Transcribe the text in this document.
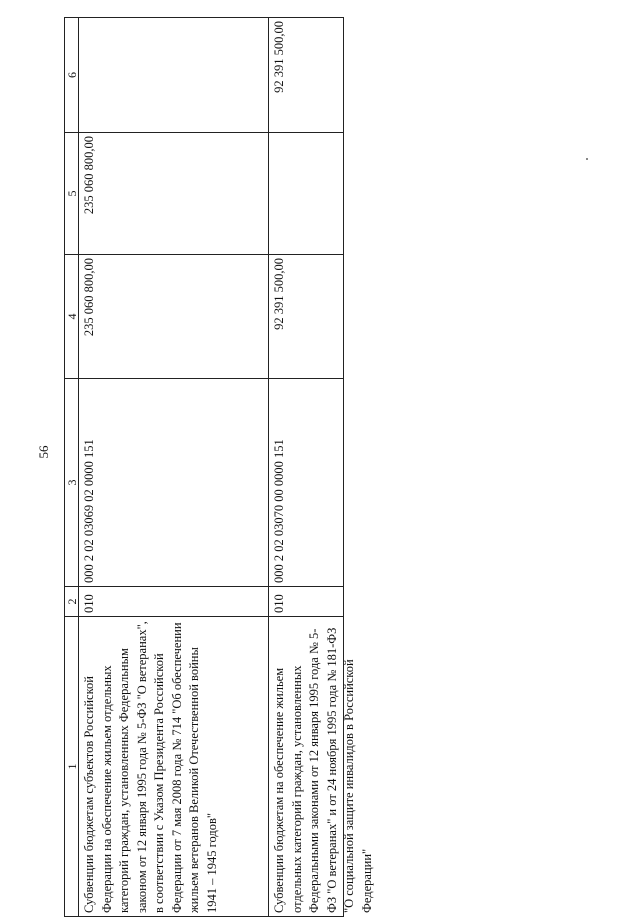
56
1
2
3
4
5
6
Субвенции бюджетам субъектов Российской Федерации на обеспечение жильем отдельных категорий граждан, установленных Федеральным законом от 12 января 1995 года № 5-ФЗ "О ветеранах", в соответствии с Указом Президента Российской Федерации от 7 мая 2008 года № 714 "Об обеспечении жильем ветеранов Великой Отечественной войны 1941 – 1945 годов"
010
000 2 02 03069 02 0000 151
235 060 800,00
235 060 800,00
Субвенции бюджетам на обеспечение жильем отдельных категорий граждан, установленных Федеральными законами от 12 января 1995 года № 5-ФЗ "О ветеранах" и от 24 ноября 1995 года № 181-ФЗ "О социальной защите инвалидов в Российской Федерации"
010
000 2 02 03070 00 0000 151
92 391 500,00
92 391 500,00
